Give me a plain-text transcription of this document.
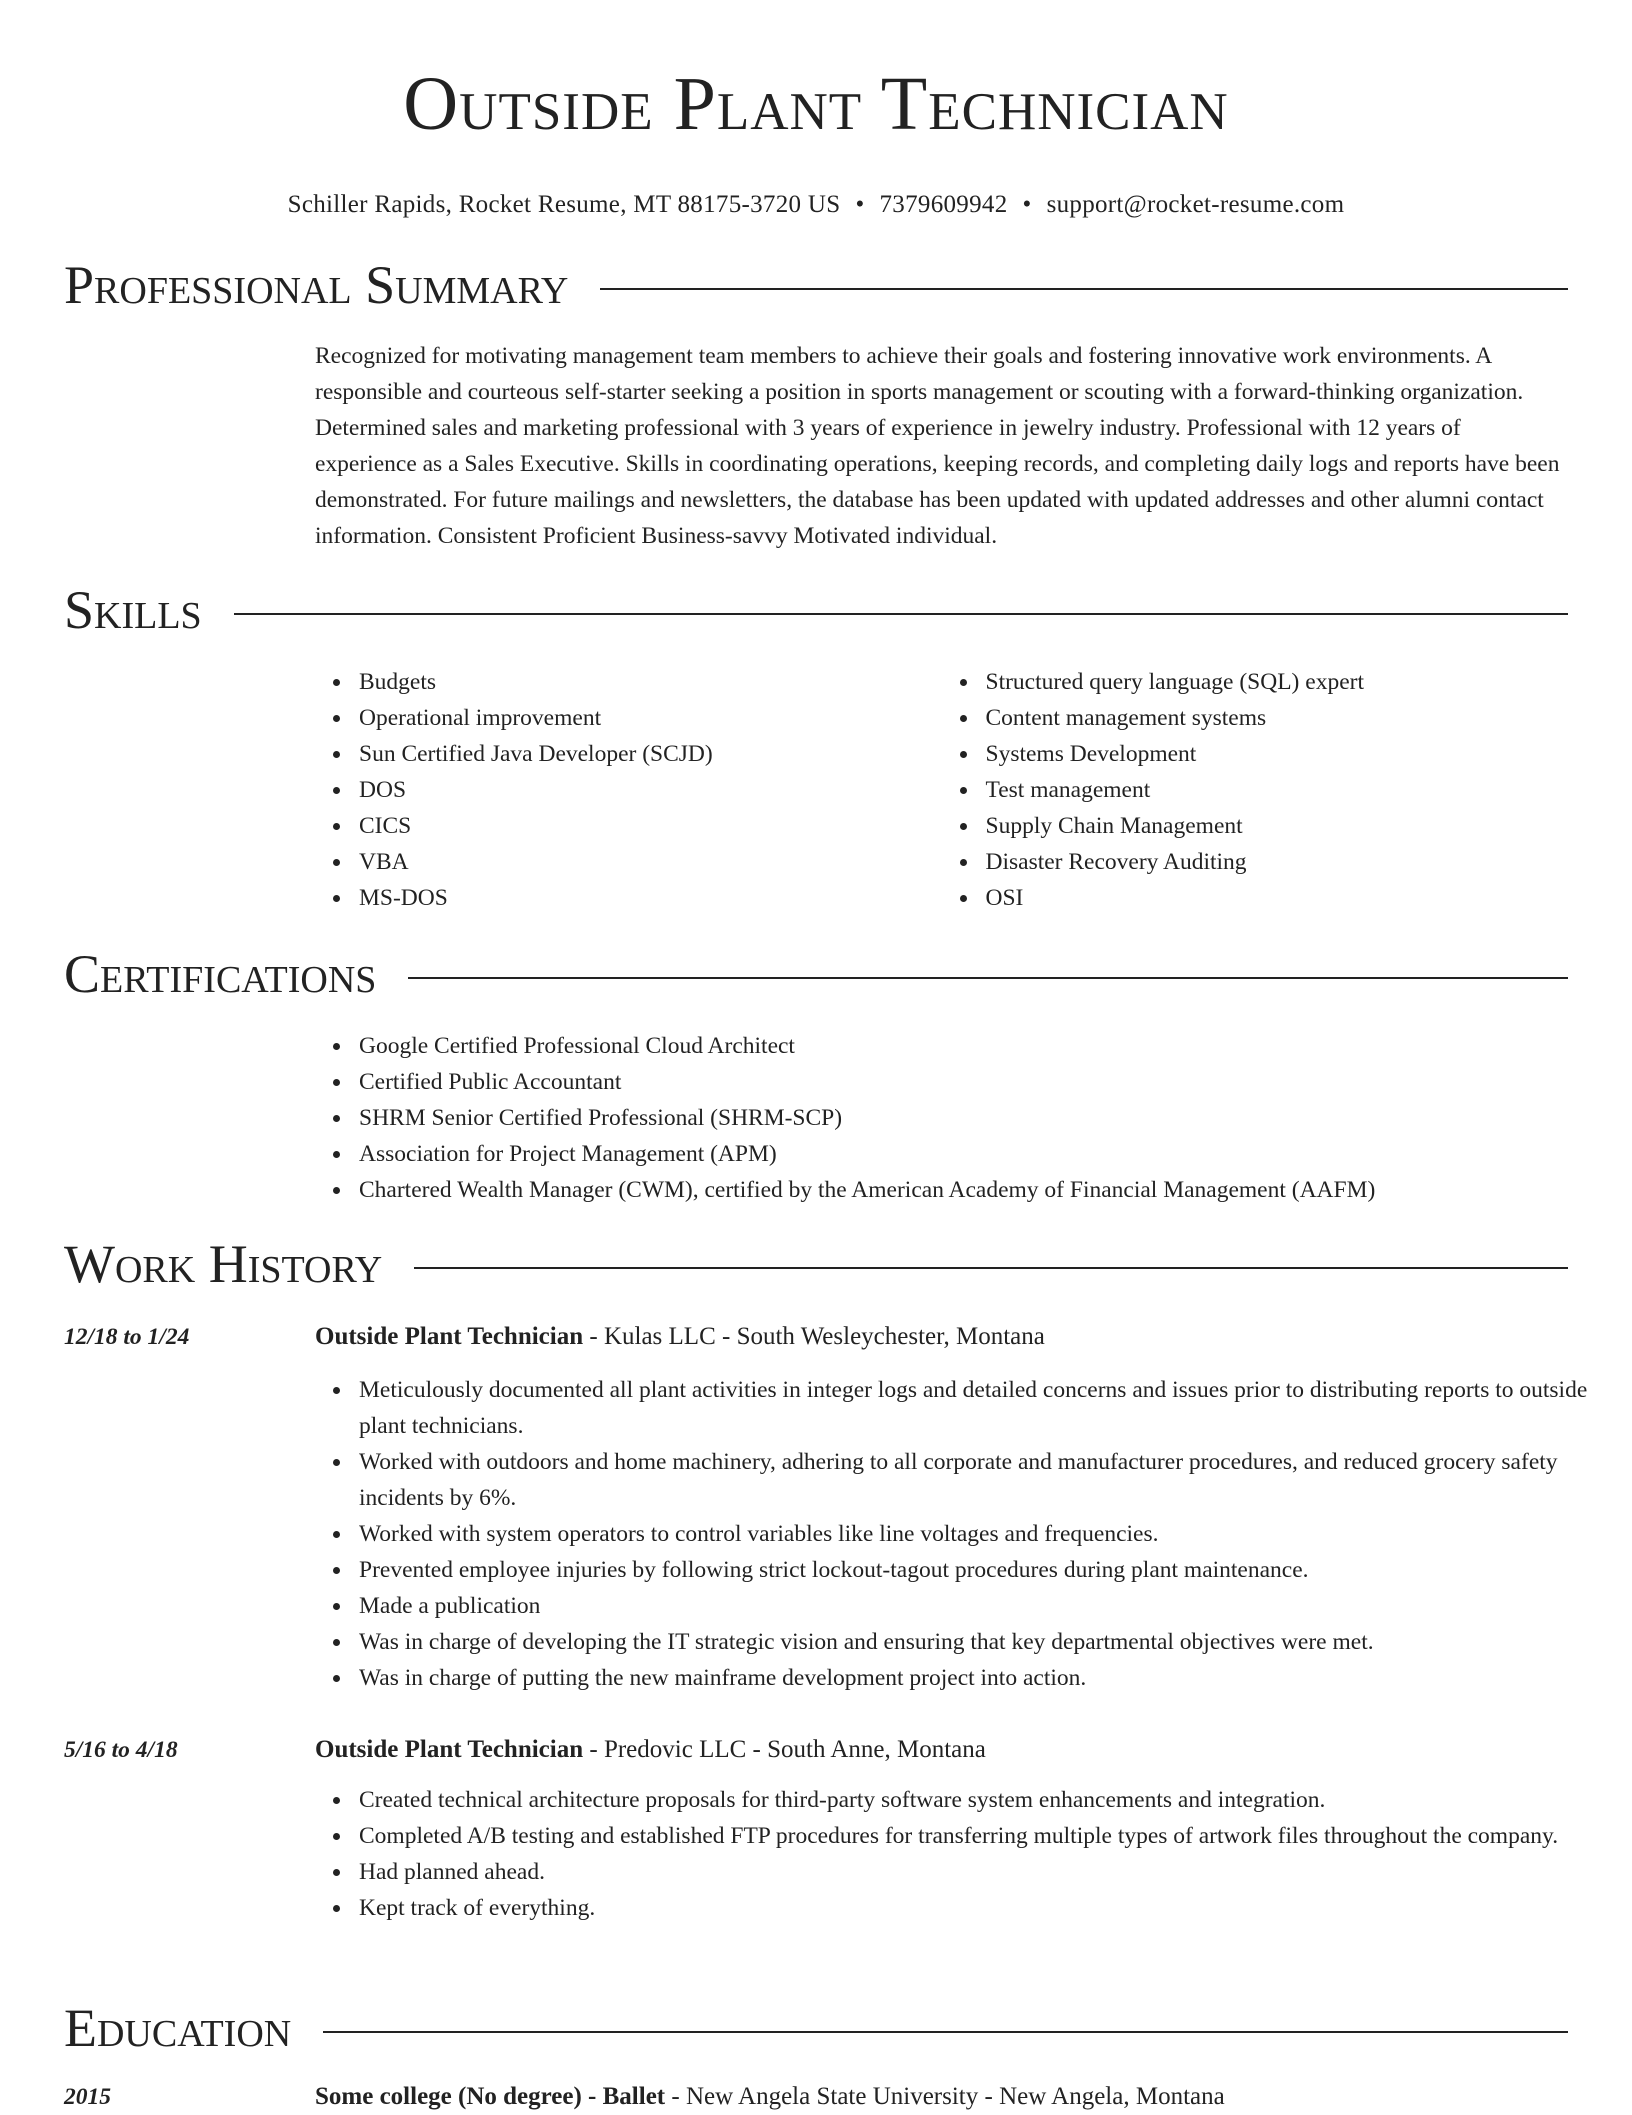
Outside Plant Technician
Schiller Rapids, Rocket Resume, MT 88175-3720 US • 7379609942 • support@rocket-resume.com
Professional Summary

Recognized for motivating management team members to achieve their goals and fostering innovative work environments. A responsible and courteous self-starter seeking a position in sports management or scouting with a forward-thinking organization. Determined sales and marketing professional with 3 years of experience in jewelry industry. Professional with 12 years of experience as a Sales Executive. Skills in coordinating operations, keeping records, and completing daily logs and reports have been demonstrated. For future mailings and newsletters, the database has been updated with updated addresses and other alumni contact information. Consistent Proficient Business-savvy Motivated individual.

Skills
Budgets
Operational improvement
Sun Certified Java Developer (SCJD)
DOS
CICS
VBA
MS-DOS
Structured query language (SQL) expert
Content management systems
Systems Development
Test management
Supply Chain Management
Disaster Recovery Auditing
OSI
Certifications
Google Certified Professional Cloud Architect
Certified Public Accountant
SHRM Senior Certified Professional (SHRM-SCP)
Association for Project Management (APM)
Chartered Wealth Manager (CWM), certified by the American Academy of Financial Management (AAFM)
Work History
12/18 to 1/24	Outside Plant Technician - Kulas LLC - South Wesleychester, Montana
Meticulously documented all plant activities in integer logs and detailed concerns and issues prior to distributing reports to outside plant technicians.
Worked with outdoors and home machinery, adhering to all corporate and manufacturer procedures, and reduced grocery safety incidents by 6%.
Worked with system operators to control variables like line voltages and frequencies.
Prevented employee injuries by following strict lockout-tagout procedures during plant maintenance.
Made a publication
Was in charge of developing the IT strategic vision and ensuring that key departmental objectives were met.
Was in charge of putting the new mainframe development project into action.
5/16 to 4/18	Outside Plant Technician - Predovic LLC - South Anne, Montana
Created technical architecture proposals for third-party software system enhancements and integration.
Completed A/B testing and established FTP procedures for transferring multiple types of artwork files throughout the company.
Had planned ahead.
Kept track of everything.
Education
2015	Some college (No degree) - Ballet - New Angela State University - New Angela, Montana
